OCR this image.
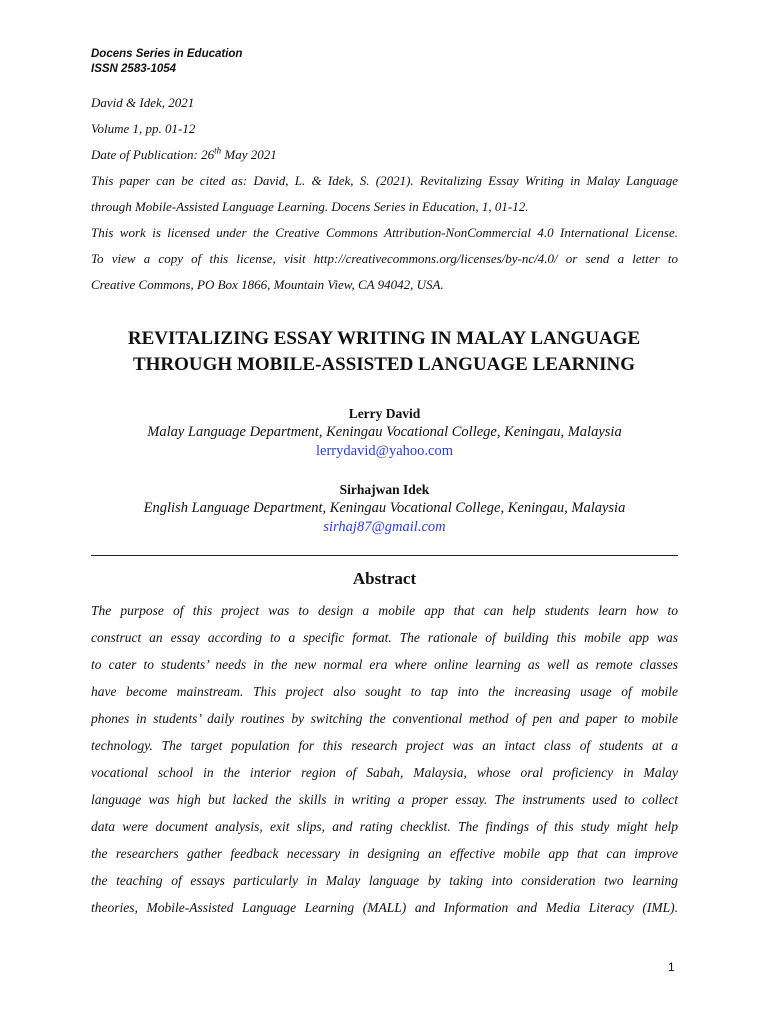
Docens Series in Education
ISSN 2583-1054
David & Idek, 2021
Volume 1, pp. 01-12
Date of Publication: 26th May 2021
This paper can be cited as: David, L. & Idek, S. (2021). Revitalizing Essay Writing in Malay Language
through Mobile-Assisted Language Learning. Docens Series in Education, 1, 01-12.
This work is licensed under the Creative Commons Attribution-NonCommercial 4.0 International License.
To view a copy of this license, visit http://creativecommons.org/licenses/by-nc/4.0/ or send a letter to
Creative Commons, PO Box 1866, Mountain View, CA 94042, USA.
REVITALIZING ESSAY WRITING IN MALAY LANGUAGE
THROUGH MOBILE-ASSISTED LANGUAGE LEARNING
Lerry David
Malay Language Department, Keningau Vocational College, Keningau, Malaysia
lerrydavid@yahoo.com
Sirhajwan Idek
English Language Department, Keningau Vocational College, Keningau, Malaysia
sirhaj87@gmail.com
Abstract
The purpose of this project was to design a mobile app that can help students learn how to
construct an essay according to a specific format. The rationale of building this mobile app was
to cater to students’ needs in the new normal era where online learning as well as remote classes
have become mainstream. This project also sought to tap into the increasing usage of mobile
phones in students’ daily routines by switching the conventional method of pen and paper to mobile
technology. The target population for this research project was an intact class of students at a
vocational school in the interior region of Sabah, Malaysia, whose oral proficiency in Malay
language was high but lacked the skills in writing a proper essay. The instruments used to collect
data were document analysis, exit slips, and rating checklist. The findings of this study might help
the researchers gather feedback necessary in designing an effective mobile app that can improve
the teaching of essays particularly in Malay language by taking into consideration two learning
theories, Mobile-Assisted Language Learning (MALL) and Information and Media Literacy (IML).
1
